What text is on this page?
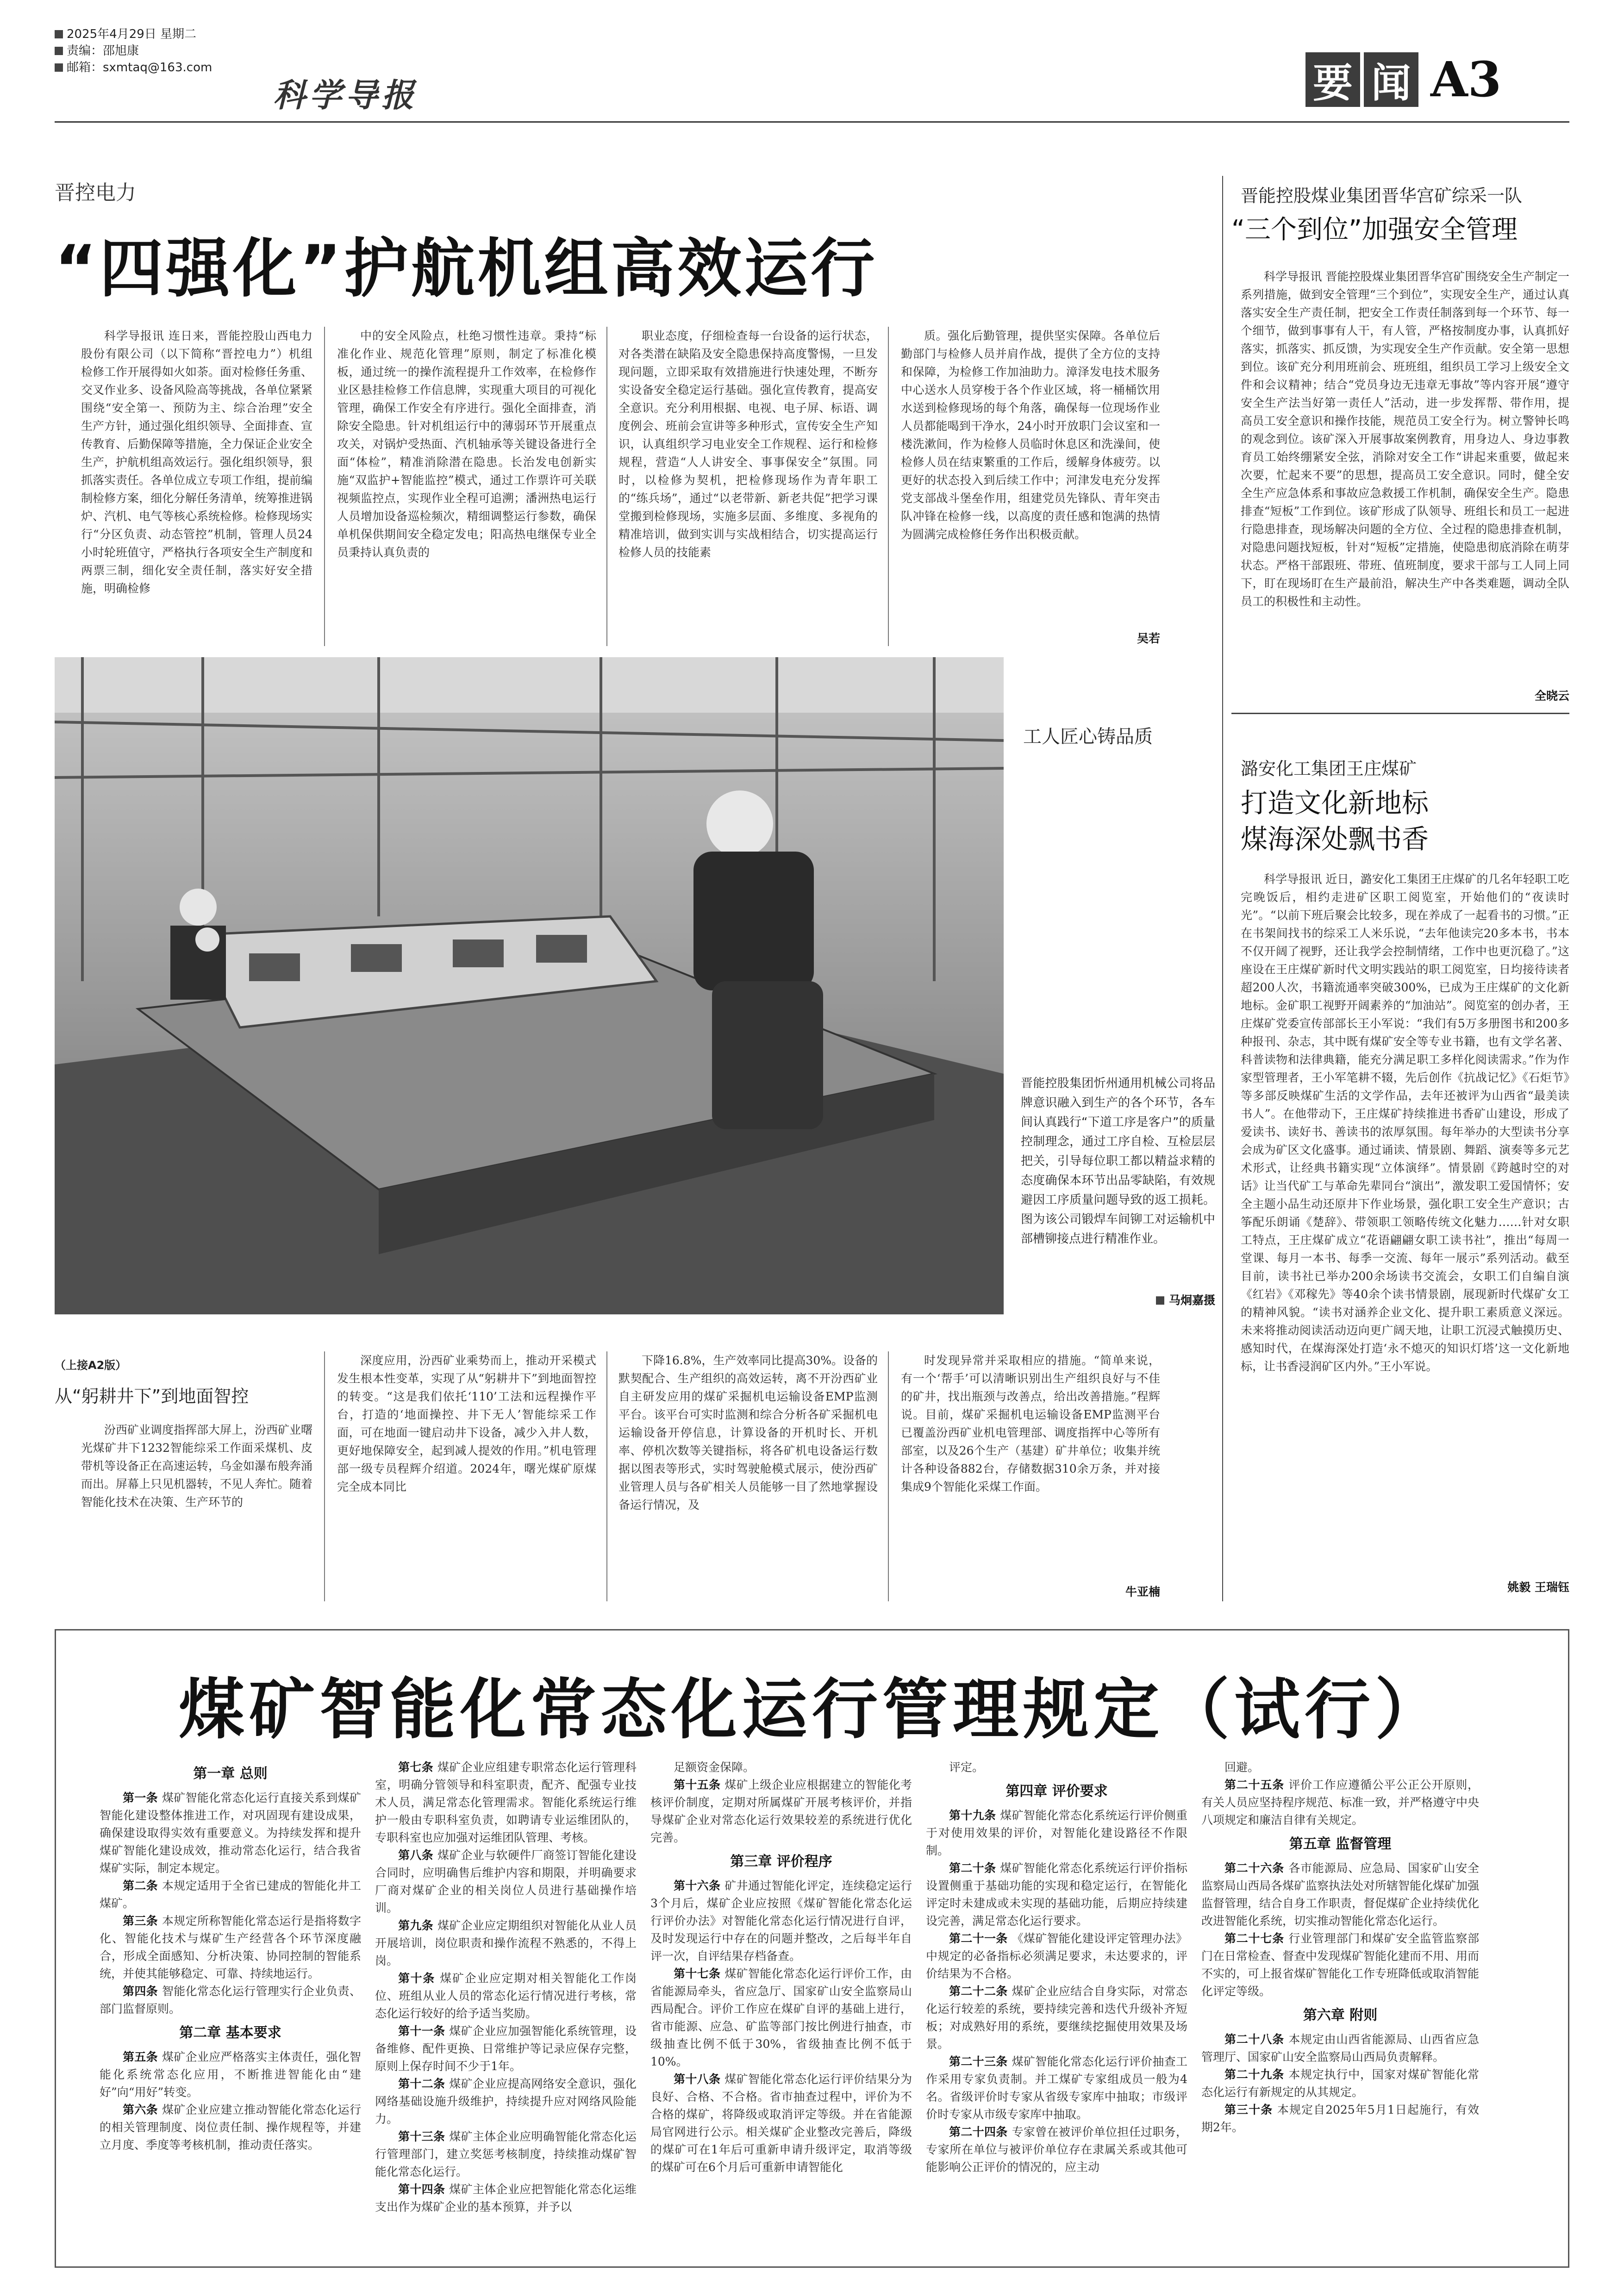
2025年4月29日 星期二
责编：邵旭康
邮箱：sxmtaq@163.com
科学导报	要 闻 A3
晋控电力
“四强化”护航机组高效运行

科学导报讯 连日来，晋能控股山西电力股份有限公司（以下简称“晋控电力”）机组检修工作开展得如火如荼。面对检修任务重、交叉作业多、设备风险高等挑战，各单位紧紧围绕“安全第一、预防为主、综合治理”安全生产方针，通过强化组织领导、全面排查、宣传教育、后勤保障等措施，全力保证企业安全生产，护航机组高效运行。强化组织领导，狠抓落实责任。各单位成立专项工作组，提前编制检修方案，细化分解任务清单，统筹推进锅炉、汽机、电气等核心系统检修。检修现场实行“分区负责、动态管控”机制，管理人员24小时轮班值守，严格执行各项安全生产制度和两票三制，细化安全责任制，落实好安全措施，明确检修

中的安全风险点，杜绝习惯性违章。秉持“标准化作业、规范化管理”原则，制定了标准化模板，通过统一的操作流程提升工作效率，在检修作业区悬挂检修工作信息牌，实现重大项目的可视化管理，确保工作安全有序进行。强化全面排查，消除安全隐患。针对机组运行中的薄弱环节开展重点攻关，对锅炉受热面、汽机轴承等关键设备进行全面“体检”，精准消除潜在隐患。长治发电创新实施“双监护+智能监控”模式，通过工作票许可关联视频监控点，实现作业全程可追溯；潘洲热电运行人员增加设备巡检频次，精细调整运行参数，确保单机保供期间安全稳定发电；阳高热电继保专业全员秉持认真负责的

职业态度，仔细检查每一台设备的运行状态，对各类潜在缺陷及安全隐患保持高度警惕，一旦发现问题，立即采取有效措施进行快速处理，不断夯实设备安全稳定运行基础。强化宣传教育，提高安全意识。充分利用根据、电视、电子屏、标语、调度例会、班前会宣讲等多种形式，宣传安全生产知识，认真组织学习电业安全工作规程、运行和检修规程，营造“人人讲安全、事事保安全”氛围。同时，以检修为契机，把检修现场作为青年职工的“练兵场”，通过“以老带新、新老共促”把学习课堂搬到检修现场，实施多层面、多维度、多视角的精准培训，做到实训与实战相结合，切实提高运行检修人员的技能素

质。强化后勤管理，提供坚实保障。各单位后勤部门与检修人员并肩作战，提供了全方位的支持和保障，为检修工作加油助力。漳泽发电技术服务中心送水人员穿梭于各个作业区域，将一桶桶饮用水送到检修现场的每个角落，确保每一位现场作业人员都能喝到干净水，24小时开放职门会议室和一楼洗漱间，作为检修人员临时休息区和洗澡间，使检修人员在结束繁重的工作后，缓解身体疲劳。以更好的状态投入到后续工作中；河津发电充分发挥党支部战斗堡垒作用，组建党员先锋队、青年突击队冲锋在检修一线，以高度的责任感和饱满的热情为圆满完成检修任务作出积极贡献。

吴若
工人匠心铸品质
晋能控股集团忻州通用机械公司将品牌意识融入到生产的各个环节，各车间认真践行“下道工序是客户”的质量控制理念，通过工序自检、互检层层把关，引导每位职工都以精益求精的态度确保本环节出品零缺陷，有效规避因工序质量问题导致的返工损耗。图为该公司锻焊车间铆工对运输机中部槽铆接点进行精准作业。
马炯嘉摄
（上接A2版）
从“躬耕井下”到地面智控

汾西矿业调度指挥部大屏上，汾西矿业曙光煤矿井下1232智能综采工作面采煤机、皮带机等设备正在高速运转，乌金如瀑布般奔涌而出。屏幕上只见机器转，不见人奔忙。随着智能化技术在决策、生产环节的

深度应用，汾西矿业乘势而上，推动开采模式发生根本性变革，实现了从“躬耕井下”到地面智控的转变。“这是我们依托‘110’工法和远程操作平台，打造的‘地面操控、井下无人’智能综采工作面，可在地面一键启动井下设备，减少入井人数，更好地保障安全，起到减人提效的作用。”机电管理部一级专员程辉介绍道。2024年，曙光煤矿原煤完全成本同比

下降16.8%，生产效率同比提高30%。设备的默契配合、生产组织的高效运转，离不开汾西矿业自主研发应用的煤矿采掘机电运输设备EMP监测平台。该平台可实时监测和综合分析各矿采掘机电运输设备开停信息，计算设备的开机时长、开机率、停机次数等关键指标，将各矿机电设备运行数据以图表等形式，实时驾驶舱模式展示，使汾西矿业管理人员与各矿相关人员能够一目了然地掌握设备运行情况，及

时发现异常并采取相应的措施。“简单来说，有一个‘帮手’可以清晰识别出生产组织良好与不佳的矿井，找出瓶颈与改善点，给出改善措施。”程辉说。目前，煤矿采掘机电运输设备EMP监测平台已覆盖汾西矿业机电管理部、调度指挥中心等所有部室，以及26个生产（基建）矿井单位；收集并统计各种设备882台，存储数据310余万条，并对接集成9个智能化采煤工作面。

牛亚楠
晋能控股煤业集团晋华宫矿综采一队
“三个到位”加强安全管理

科学导报讯 晋能控股煤业集团晋华宫矿围绕安全生产制定一系列措施，做到安全管理“三个到位”，实现安全生产，通过认真落实安全生产责任制，把安全工作责任制落到每一个环节、每一个细节，做到事事有人干，有人管，严格按制度办事，认真抓好落实，抓落实、抓反馈，为实现安全生产作贡献。安全第一思想到位。该矿充分利用班前会、班班组，组织员工学习上级安全文件和会议精神；结合“党员身边无违章无事故”等内容开展“遵守安全生产法当好第一责任人”活动，进一步发挥帮、带作用，提高员工安全意识和操作技能，规范员工安全行为。树立警钟长鸣的观念到位。该矿深入开展事故案例教育，用身边人、身边事教育员工始终绷紧安全弦，消除对安全工作“讲起来重要，做起来次要，忙起来不要”的思想，提高员工安全意识。同时，健全安全生产应急体系和事故应急救援工作机制，确保安全生产。隐患排查“短板”工作到位。该矿形成了队领导、班组长和员工一起进行隐患排查，现场解决问题的全方位、全过程的隐患排查机制，对隐患问题找短板，针对“短板”定措施，使隐患彻底消除在萌芽状态。严格干部跟班、带班、值班制度，要求干部与工人同上同下，盯在现场盯在生产最前沿，解决生产中各类难题，调动全队员工的积极性和主动性。

全晓云
潞安化工集团王庄煤矿
打造文化新地标
煤海深处飘书香

科学导报讯 近日，潞安化工集团王庄煤矿的几名年轻职工吃完晚饭后，相约走进矿区职工阅览室，开始他们的“夜读时光”。“以前下班后聚会比较多，现在养成了一起看书的习惯。”正在书架间找书的综采工人米乐说，“去年他读完20多本书，书本不仅开阔了视野，还让我学会控制情绪，工作中也更沉稳了。”这座设在王庄煤矿新时代文明实践站的职工阅览室，日均接待读者超200人次，书籍流通率突破300%，已成为王庄煤矿的文化新地标。金矿职工视野开阔素养的“加油站”。阅览室的创办者，王庄煤矿党委宣传部部长王小军说：“我们有5万多册图书和200多种报刊、杂志，其中既有煤矿安全等专业书籍，也有文学名著、科普读物和法律典籍，能充分满足职工多样化阅读需求。”作为作家型管理者，王小军笔耕不辍，先后创作《抗战记忆》《石炬节》等多部反映煤矿生活的文学作品，去年还被评为山西省“最美读书人”。在他带动下，王庄煤矿持续推进书香矿山建设，形成了爱读书、读好书、善读书的浓厚氛围。每年举办的大型读书分享会成为矿区文化盛事。通过诵读、情景剧、舞蹈、演奏等多元艺术形式，让经典书籍实现“立体演绎”。情景剧《跨越时空的对话》让当代矿工与革命先辈同台“演出”，激发职工爱国情怀；安全主题小品生动还原井下作业场景，强化职工安全生产意识；古筝配乐朗诵《楚辞》、带领职工领略传统文化魅力……针对女职工特点，王庄煤矿成立“花语翩翩女职工读书社”，推出“每周一堂课、每月一本书、每季一交流、每年一展示”系列活动。截至目前，读书社已举办200余场读书交流会，女职工们自编自演《红岩》《邓稼先》等40余个读书情景剧，展现新时代煤矿女工的精神风貌。“读书对涵养企业文化、提升职工素质意义深远。未来将推动阅读活动迈向更广阔天地，让职工沉浸式触摸历史、感知时代，在煤海深处打造‘永不熄灭的知识灯塔’这一文化新地标，让书香浸润矿区内外。”王小军说。

姚毅 王瑞钰
煤矿智能化常态化运行管理规定（试行）
第一章 总则

第一条 煤矿智能化常态化运行直接关系到煤矿智能化建设整体推进工作，对巩固现有建设成果，确保建设取得实效有重要意义。为持续发挥和提升煤矿智能化建设成效，推动常态化运行，结合我省煤矿实际，制定本规定。

第二条 本规定适用于全省已建成的智能化井工煤矿。

第三条 本规定所称智能化常态运行是指将数字化、智能化技术与煤矿生产经营各个环节深度融合，形成全面感知、分析决策、协同控制的智能系统，并使其能够稳定、可靠、持续地运行。

第四条 智能化常态化运行管理实行企业负责、部门监督原则。

第二章 基本要求

第五条 煤矿企业应严格落实主体责任，强化智能化系统常态化应用，不断推进智能化由“建好”向“用好”转变。

第六条 煤矿企业应建立推动智能化常态化运行的相关管理制度、岗位责任制、操作规程等，并建立月度、季度等考核机制，推动责任落实。

第七条 煤矿企业应组建专职常态化运行管理科室，明确分管领导和科室职责，配齐、配强专业技术人员，满足常态化管理需求。智能化系统运行维护一般由专职科室负责，如聘请专业运维团队的，专职科室也应加强对运维团队管理、考核。

第八条 煤矿企业与软硬件厂商签订智能化建设合同时，应明确售后维护内容和期限，并明确要求厂商对煤矿企业的相关岗位人员进行基础操作培训。

第九条 煤矿企业应定期组织对智能化从业人员开展培训，岗位职责和操作流程不熟悉的，不得上岗。

第十条 煤矿企业应定期对相关智能化工作岗位、班组从业人员的常态化运行情况进行考核，常态化运行较好的给予适当奖励。

第十一条 煤矿企业应加强智能化系统管理，设备维修、配件更换、日常维护等记录应保存完整，原则上保存时间不少于1年。

第十二条 煤矿企业应提高网络安全意识，强化网络基础设施升级维护，持续提升应对网络风险能力。

第十三条 煤矿主体企业应明确智能化常态化运行管理部门，建立奖惩考核制度，持续推动煤矿智能化常态化运行。

第十四条 煤矿主体企业应把智能化常态化运维支出作为煤矿企业的基本预算，并予以

足额资金保障。

第十五条 煤矿上级企业应根据建立的智能化考核评价制度，定期对所属煤矿开展考核评价，并指导煤矿企业对常态化运行效果较差的系统进行优化完善。

第三章 评价程序

第十六条 矿井通过智能化评定，连续稳定运行3个月后，煤矿企业应按照《煤矿智能化常态化运行评价办法》对智能化常态化运行情况进行自评，及时发现运行中存在的问题并整改，之后每半年自评一次，自评结果存档备查。

第十七条 煤矿智能化常态化运行评价工作，由省能源局牵头，省应急厅、国家矿山安全监察局山西局配合。评价工作应在煤矿自评的基础上进行，省市能源、应急、矿监等部门按比例进行抽查，市级抽查比例不低于30%，省级抽查比例不低于10%。

第十八条 煤矿智能化常态化运行评价结果分为良好、合格、不合格。省市抽查过程中，评价为不合格的煤矿，将降级或取消评定等级。并在省能源局官网进行公示。相关煤矿企业整改完善后，降级的煤矿可在1年后可重新申请升级评定，取消等级的煤矿可在6个月后可重新申请智能化

评定。

第四章 评价要求

第十九条 煤矿智能化常态化系统运行评价侧重于对使用效果的评价，对智能化建设路径不作限制。

第二十条 煤矿智能化常态化系统运行评价指标设置侧重于基础功能的实现和稳定运行，在智能化评定时未建成或未实现的基础功能，后期应持续建设完善，满足常态化运行要求。

第二十一条 《煤矿智能化建设评定管理办法》中规定的必备指标必须满足要求，未达要求的，评价结果为不合格。

第二十二条 煤矿企业应结合自身实际，对常态化运行较差的系统，要持续完善和迭代升级补齐短板；对成熟好用的系统，要继续挖掘使用效果及场景。

第二十三条 煤矿智能化常态化运行评价抽查工作采用专家负责制。并工煤矿专家组成员一般为4名。省级评价时专家从省级专家库中抽取；市级评价时专家从市级专家库中抽取。

第二十四条 专家曾在被评价单位担任过职务，专家所在单位与被评价单位存在隶属关系或其他可能影响公正评价的情况的，应主动

回避。

第二十五条 评价工作应遵循公平公正公开原则，有关人员应坚持程序规范、标准一致，并严格遵守中央八项规定和廉洁自律有关规定。

第五章 监督管理

第二十六条 各市能源局、应急局、国家矿山安全监察局山西局各煤矿监察执法处对所辖智能化煤矿加强监督管理，结合自身工作职责，督促煤矿企业持续优化改进智能化系统，切实推动智能化常态化运行。

第二十七条 行业管理部门和煤矿安全监管监察部门在日常检查、督查中发现煤矿智能化建而不用、用而不实的，可上报省煤矿智能化工作专班降低或取消智能化评定等级。

第六章 附则

第二十八条 本规定由山西省能源局、山西省应急管理厅、国家矿山安全监察局山西局负责解释。

第二十九条 本规定执行中，国家对煤矿智能化常态化运行有新规定的从其规定。

第三十条 本规定自2025年5月1日起施行，有效期2年。
